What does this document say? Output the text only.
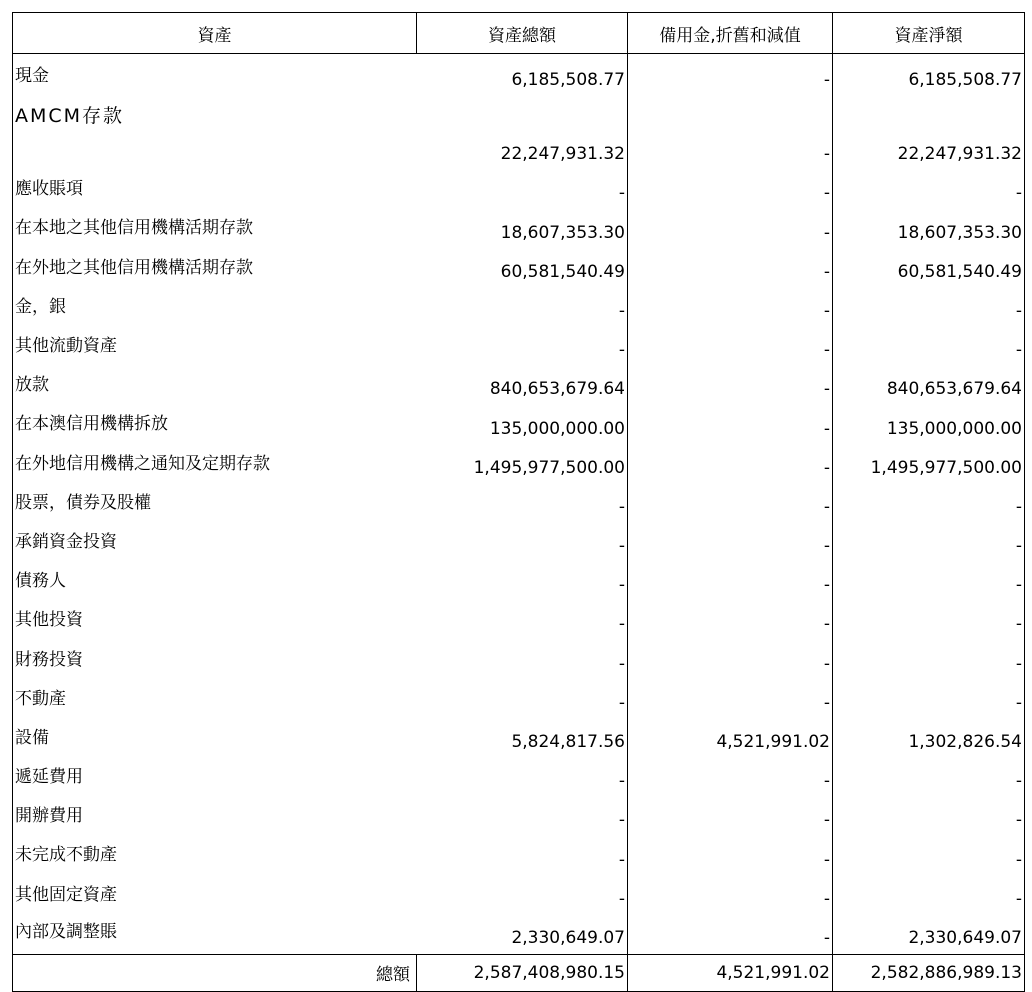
資產	資產總額	備用金,折舊和減值	資產淨額
現金	6,185,508.77	-	6,185,508.77
AMCM存款	22,247,931.32	-	22,247,931.32
應收賬項	-	-	-
在本地之其他信用機構活期存款	18,607,353.30	-	18,607,353.30
在外地之其他信用機構活期存款	60,581,540.49	-	60,581,540.49
金，銀	-	-	-
其他流動資產	-	-	-
放款	840,653,679.64	-	840,653,679.64
在本澳信用機構拆放	135,000,000.00	-	135,000,000.00
在外地信用機構之通知及定期存款	1,495,977,500.00	-	1,495,977,500.00
股票，債券及股權	-	-	-
承銷資金投資	-	-	-
債務人	-	-	-
其他投資	-	-	-
財務投資	-	-	-
不動產	-	-	-
設備	5,824,817.56	4,521,991.02	1,302,826.54
遞延費用	-	-	-
開辦費用	-	-	-
未完成不動產	-	-	-
其他固定資產	-	-	-
內部及調整賬	2,330,649.07	-	2,330,649.07
總額	2,587,408,980.15	4,521,991.02	2,582,886,989.13
